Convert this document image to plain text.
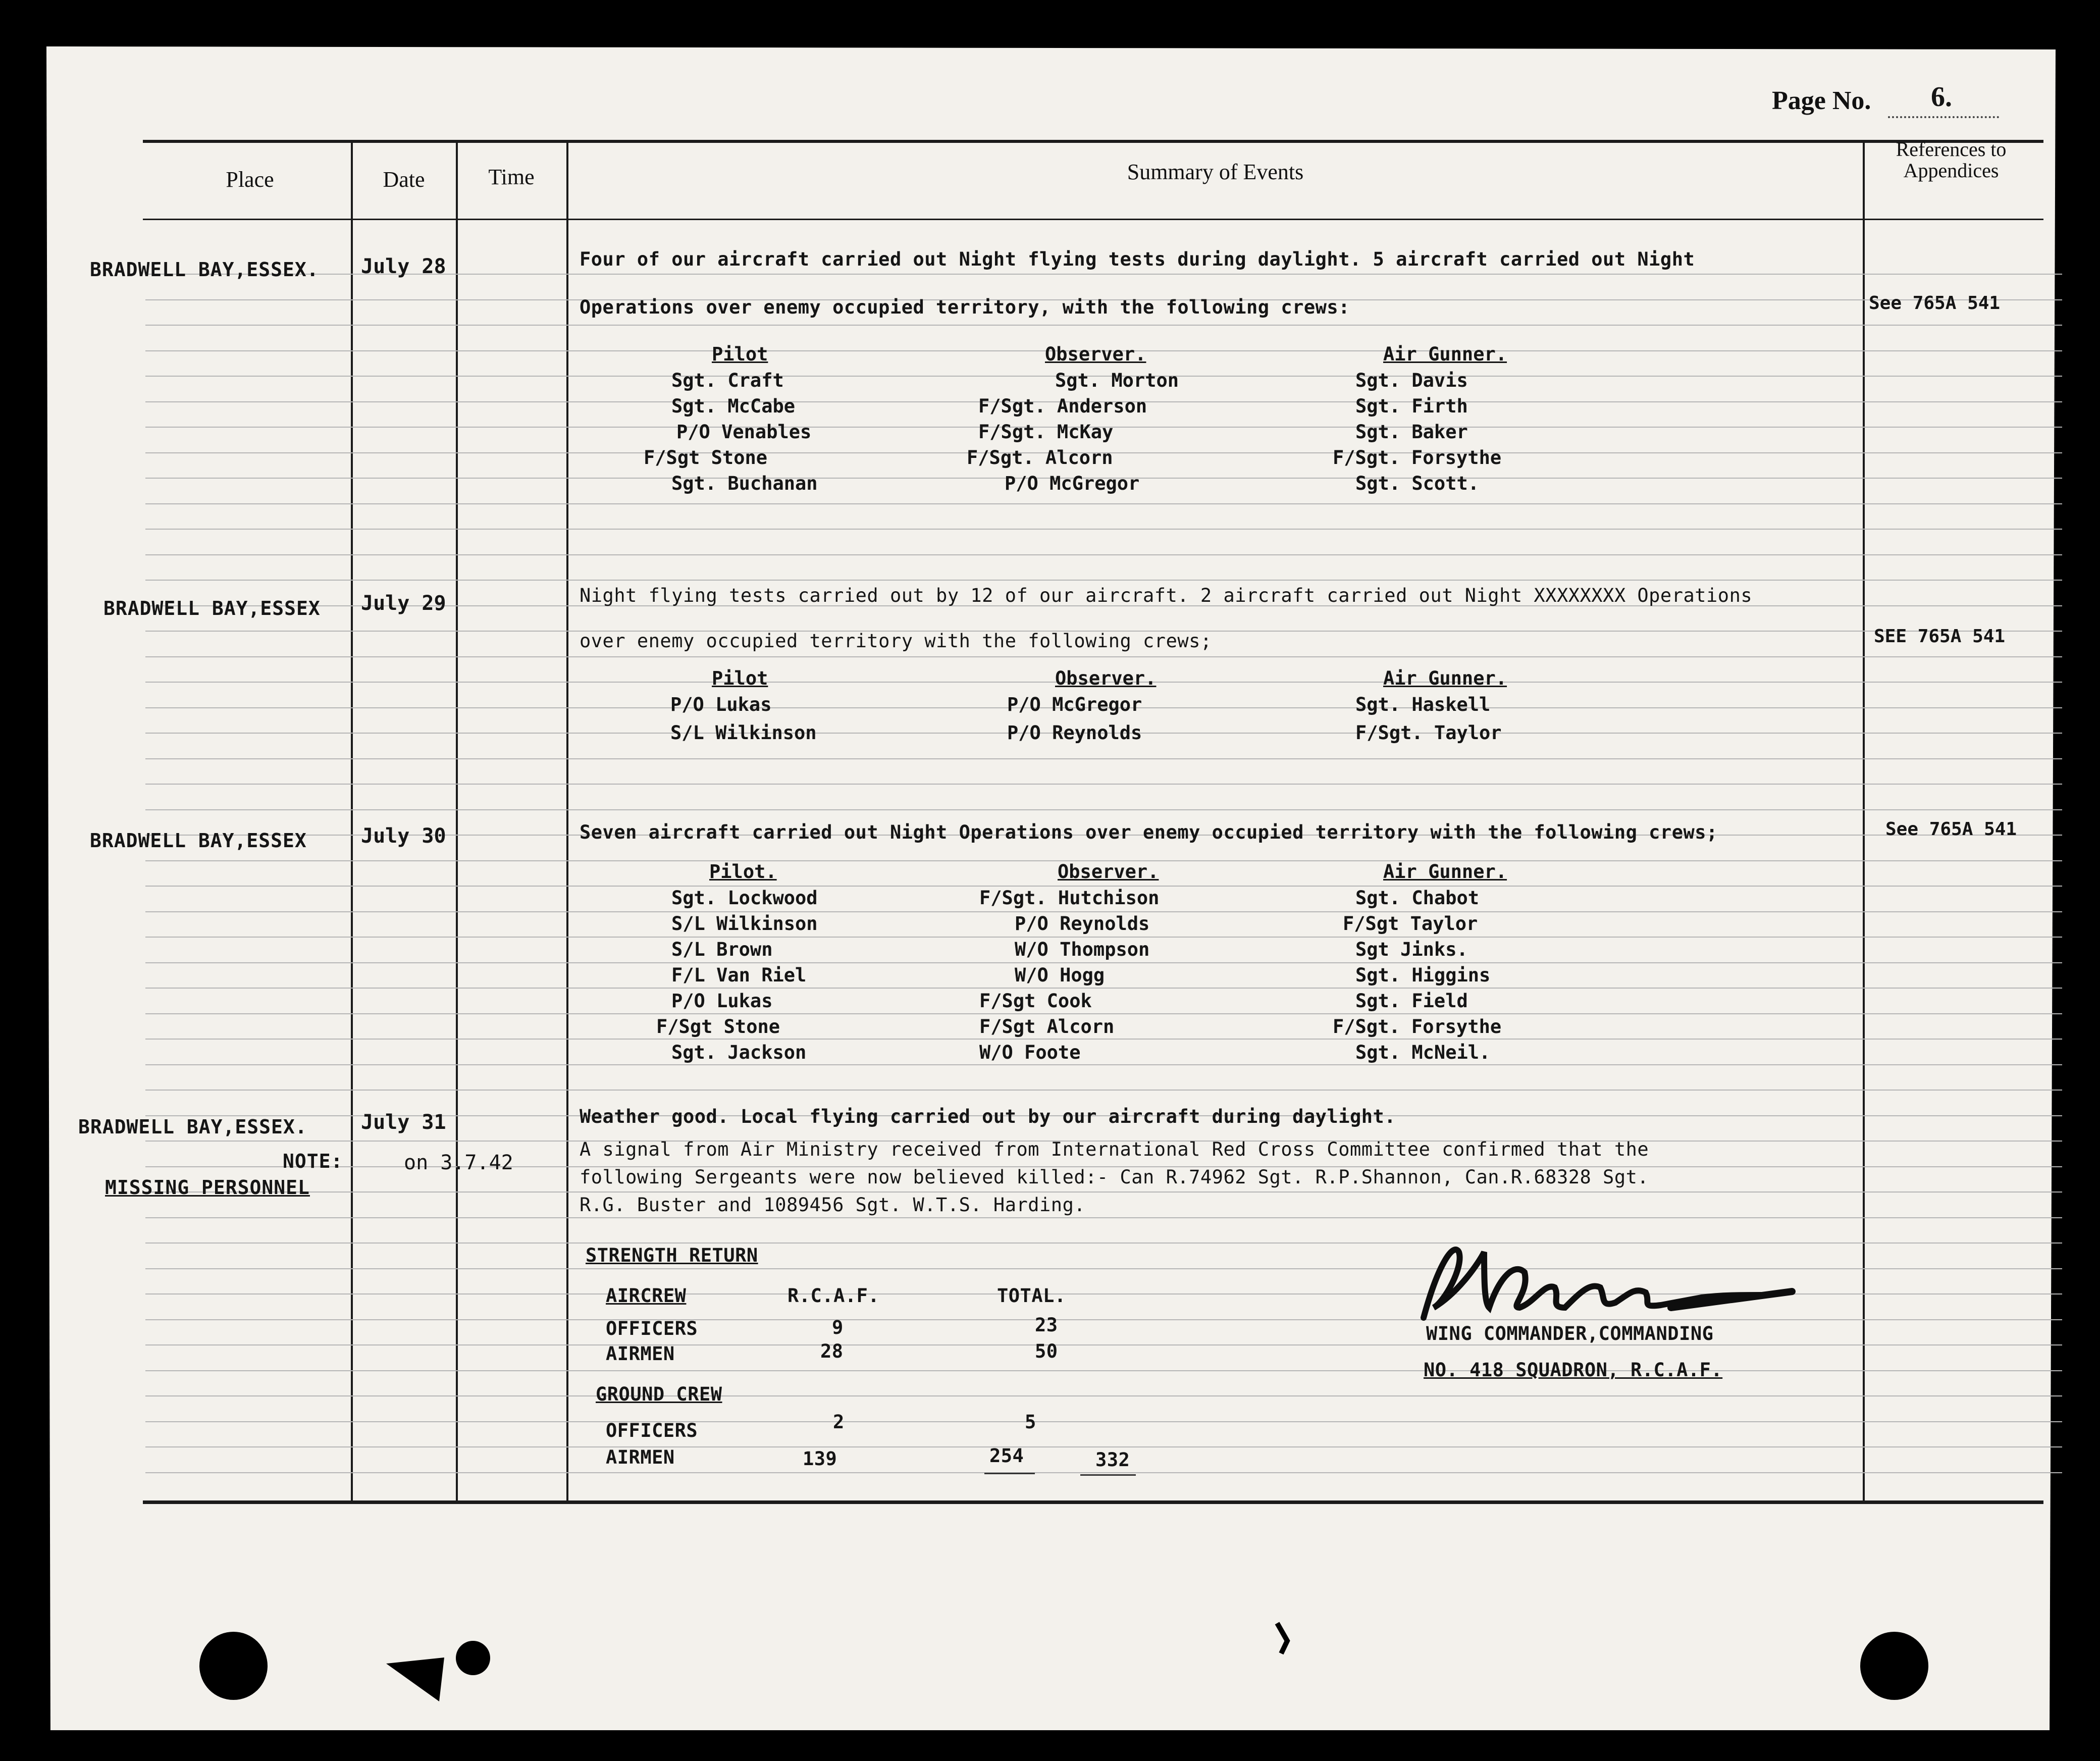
Page No. 6.
Place	Date	Time	Summary of Events
References to Appendices
BRADWELL BAY,ESSEX. July 28	Four of our aircraft carried out Night flying tests during daylight. 5 aircraft carried out Night
Operations over enemy occupied territory, with the following crews:	See 765A 541
Pilot	Observer.	Air Gunner.
Sgt. Craft	Sgt. Morton	Sgt. Davis
Sgt. McCabe	F/Sgt. Anderson	Sgt. Firth
P/O Venables	F/Sgt. McKay	Sgt. Baker
F/Sgt Stone	F/Sgt. Alcorn	F/Sgt. Forsythe
Sgt. Buchanan	P/O McGregor	Sgt. Scott.
BRADWELL BAY,ESSEX July 29	Night flying tests carried out by 12 of our aircraft. 2 aircraft carried out Night XXXXXXXX Operations
over enemy occupied territory with the following crews;	SEE 765A 541
Pilot	Observer.	Air Gunner.
P/O Lukas	P/O McGregor	Sgt. Haskell
S/L Wilkinson	P/O Reynolds	F/Sgt. Taylor
BRADWELL BAY,ESSEX	July 30	Seven aircraft carried out Night Operations over enemy occupied territory with the following crews;	See 765A 541
Pilot.	Observer.	Air Gunner.
Sgt. Lockwood	F/Sgt. Hutchison	Sgt. Chabot
S/L Wilkinson	P/O Reynolds	F/Sgt Taylor
S/L Brown	W/O Thompson	Sgt Jinks.
F/L Van Riel	W/O Hogg	Sgt. Higgins
P/O Lukas	F/Sgt Cook	Sgt. Field
F/Sgt Stone	F/Sgt Alcorn	F/Sgt. Forsythe
Sgt. Jackson	W/O Foote	Sgt. McNeil.
BRADWELL BAY,ESSEX.	July 31	Weather good. Local flying carried out by our aircraft during daylight.
NOTE:
MISSING PERSONNEL
on 3.7.42
A signal from Air Ministry received from International Red Cross Committee confirmed that the
following Sergeants were now believed killed:- Can R.74962 Sgt. R.P.Shannon, Can.R.68328 Sgt.
R.G. Buster and 1089456 Sgt. W.T.S. Harding.
STRENGTH RETURN
AIRCREW	R.C.A.F.	TOTAL.
OFFICERS	9	23
AIRMEN	28	50
GROUND CREW
OFFICERS	2	5
AIRMEN	139	254	332
WING COMMANDER,COMMANDING
NO. 418 SQUADRON, R.C.A.F.
